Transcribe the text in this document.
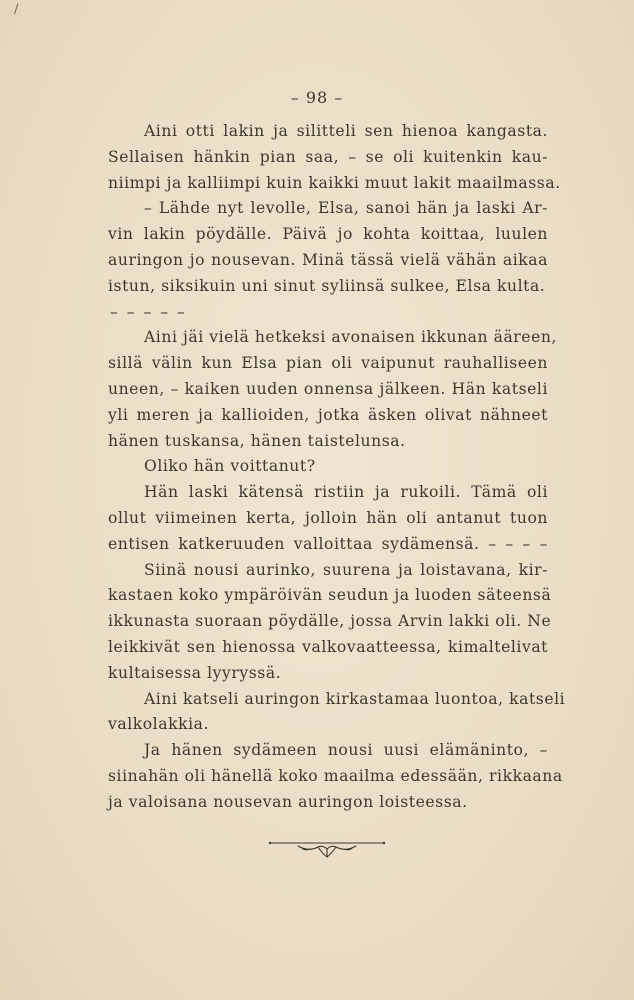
/
– 98 –
Aini otti lakin ja silitteli sen hienoa kangasta.
Sellaisen hänkin pian saa, – se oli kuitenkin kau-
niimpi ja kalliimpi kuin kaikki muut lakit maailmassa.
– Lähde nyt levolle, Elsa, sanoi hän ja laski Ar-
vin lakin pöydälle. Päivä jo kohta koittaa, luulen
auringon jo nousevan. Minä tässä vielä vähän aikaa
istun, siksikuin uni sinut syliinsä sulkee, Elsa kulta.
– – – – –
Aini jäi vielä hetkeksi avonaisen ikkunan ääreen,
sillä välin kun Elsa pian oli vaipunut rauhalliseen
uneen, – kaiken uuden onnensa jälkeen. Hän katseli
yli meren ja kallioiden, jotka äsken olivat nähneet
hänen tuskansa, hänen taistelunsa.
Oliko hän voittanut?
Hän laski kätensä ristiin ja rukoili. Tämä oli
ollut viimeinen kerta, jolloin hän oli antanut tuon
entisen katkeruuden valloittaa sydämensä. – – – –
Siinä nousi aurinko, suurena ja loistavana, kir-
kastaen koko ympäröivän seudun ja luoden säteensä
ikkunasta suoraan pöydälle, jossa Arvin lakki oli. Ne
leikkivät sen hienossa valkovaatteessa, kimaltelivat
kultaisessa lyyryssä.
Aini katseli auringon kirkastamaa luontoa, katseli
valkolakkia.
Ja hänen sydämeen nousi uusi elämäninto, –
siinahän oli hänellä koko maailma edessään, rikkaana
ja valoisana nousevan auringon loisteessa.
